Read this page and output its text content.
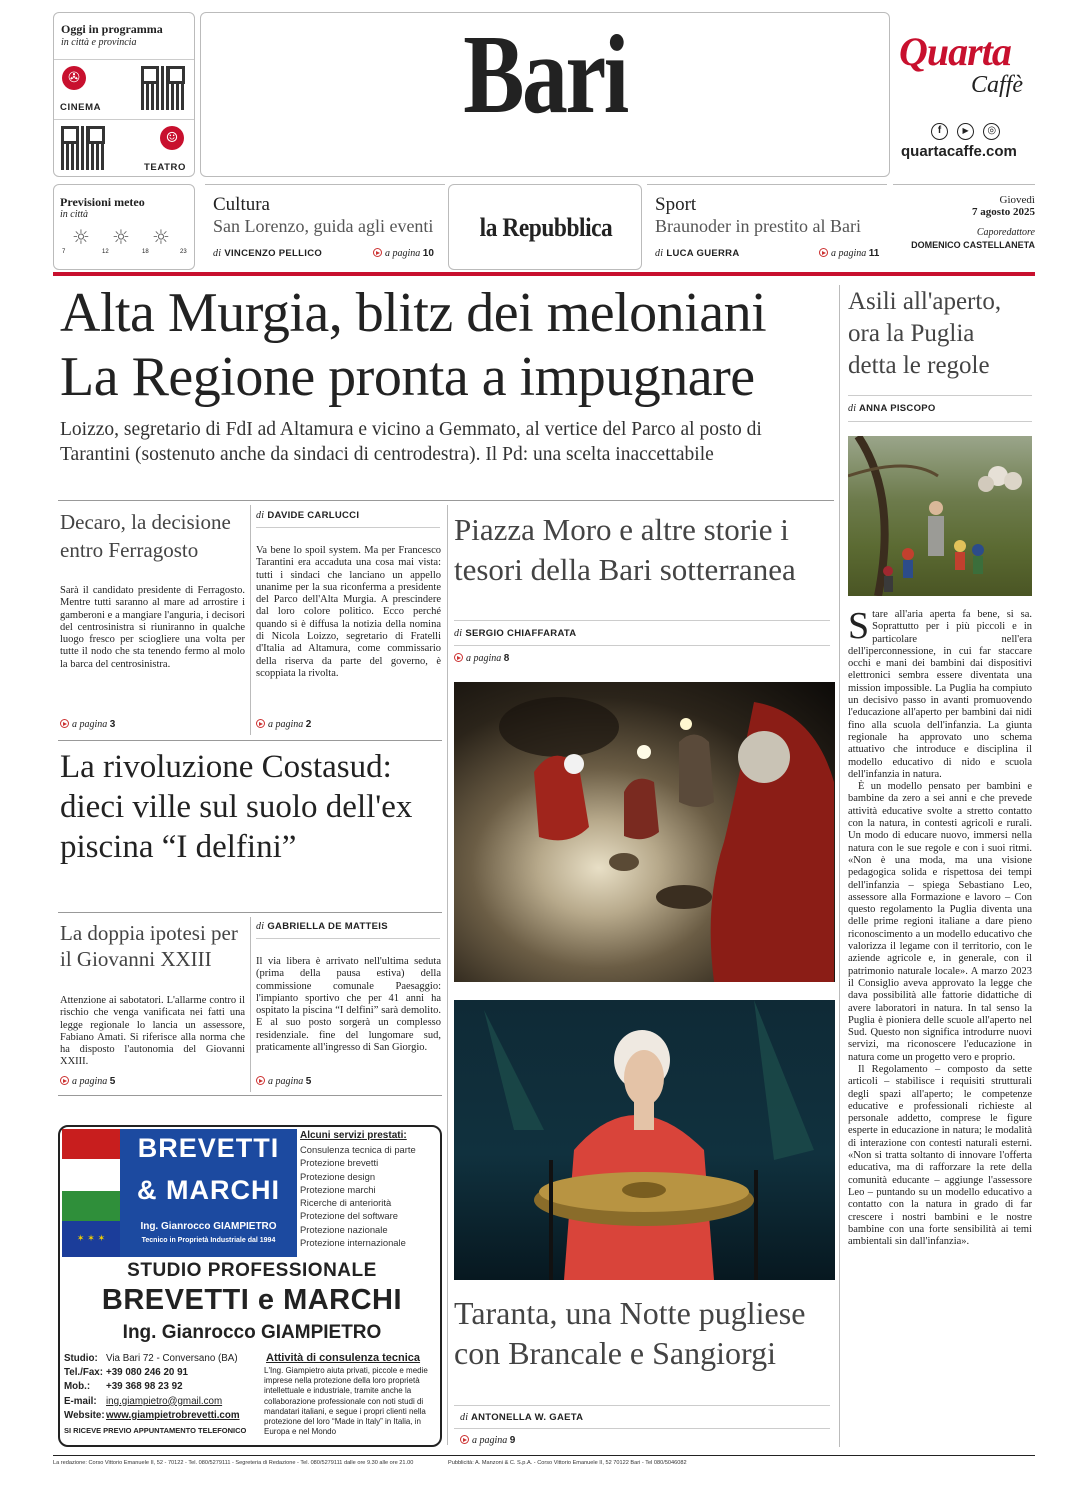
Oggi in programma
in città e provincia
✇
CINEMA
☺
TEATRO
Bari	Quarta
Caffè
f	▶ ◎
quartacaffe.com
Previsioni meteo
in città
☼ ☼ ☼
7	12	18	23
Cultura
San Lorenzo, guida agli eventi
di VINCENZO PELLICO	a pagina 10
la Repubblica
Sport
Braunoder in prestito al Bari
di LUCA GUERRA	a pagina 11
Giovedì
7 agosto 2025
Caporedattore
DOMENICO CASTELLANETA
Alta Murgia, blitz dei meloniani
La Regione pronta a impugnare
Loizzo, segretario di FdI ad Altamura e vicino a Gemmato, al vertice del Parco al posto di Tarantini (sostenuto anche da sindaci di centrodestra). Il Pd: una scelta inaccettabile
Decaro, la decisione entro Ferragosto
Sarà il candidato presidente di Ferragosto. Mentre tutti saranno al mare ad arrostire i gamberoni e a mangiare l'anguria, i decisori del centrosinistra si riuniranno in qualche luogo fresco per sciogliere una volta per tutte il nodo che sta tenendo fermo al molo la barca del centrosinistra.
a pagina 3
di DAVIDE CARLUCCI
Va bene lo spoil system. Ma per Francesco Tarantini era accaduta una cosa mai vista: tutti i sindaci che lanciano un appello unanime per la sua riconferma a presidente del Parco dell'Alta Murgia. A prescindere dal loro colore politico. Ecco perché quando si è diffusa la notizia della nomina di Nicola Loizzo, segretario di Fratelli d'Italia ad Altamura, come commissario della riserva da parte del governo, è scoppiata la rivolta.
a pagina 2
La rivoluzione Costasud: dieci ville sul suolo dell'ex piscina “I delfini”
La doppia ipotesi per il Giovanni XXIII
Attenzione ai sabotatori. L'allarme contro il rischio che venga vanificata nei fatti una legge regionale lo lancia un assessore, Fabiano Amati. Si riferisce alla norma che ha disposto l'autonomia del Giovanni XXIII.
a pagina 5
di GABRIELLA DE MATTEIS
Il via libera è arrivato nell'ultima seduta (prima della pausa estiva) della commissione comunale Paesaggio: l'impianto sportivo che per 41 anni ha ospitato la piscina “I delfini” sarà demolito. E al suo posto sorgerà un complesso residenziale. fine del lungomare sud, praticamente all'ingresso di San Giorgio.
a pagina 5
Piazza Moro e altre storie i tesori della Bari sotterranea
di SERGIO CHIAFFARATA
a pagina 8
Taranta, una Notte pugliese con Brancale e Sangiorgi
di ANTONELLA W. GAETA
a pagina 9
Asili all'aperto, ora la Puglia detta le regole
di ANNA PISCOPO
Stare all'aria aperta fa bene, si sa. Soprattutto per i più piccoli e in particolare nell'era dell'iperconnessione, in cui far staccare occhi e mani dei bambini dai dispositivi elettronici sembra essere diventata una mission impossible. La Puglia ha compiuto un decisivo passo in avanti promuovendo l'educazione all'aperto per bambini dai nidi fino alla scuola dell'infanzia. La giunta regionale ha approvato uno schema attuativo che introduce e disciplina il modello educativo di nido e scuola dell'infanzia in natura.
È un modello pensato per bambini e bambine da zero a sei anni e che prevede attività educative svolte a stretto contatto con la natura, in contesti agricoli e rurali. Un modo di educare nuovo, immersi nella natura con le sue regole e con i suoi ritmi. «Non è una moda, ma una visione pedagogica solida e rispettosa dei tempi dell'infanzia – spiega Sebastiano Leo, assessore alla Formazione e lavoro – Con questo regolamento la Puglia diventa una delle prime regioni italiane a dare pieno riconoscimento a un modello educativo che valorizza il legame con il territorio, con le aziende agricole e, in generale, con il patrimonio naturale locale». A marzo 2023 il Consiglio aveva approvato la legge che dava possibilità alle fattorie didattiche di avere laboratori in natura. In tal senso la Puglia è pioniera delle scuole all'aperto nel Sud. Questo non significa introdurre nuovi servizi, ma riconoscere l'educazione in natura come un progetto vero e proprio.
Il Regolamento – composto da sette articoli – stabilisce i requisiti strutturali degli spazi all'aperto; le competenze educative e professionali richieste al personale addetto, comprese le figure esperte in educazione in natura; le modalità di interazione con contesti naturali esterni. «Non si tratta soltanto di innovare l'offerta educativa, ma di rafforzare la rete della comunità educante – aggiunge l'assessore Leo – puntando su un modello educativo a contatto con la natura in grado di far crescere i nostri bambini e le nostre bambine con una forte sensibilità ai temi ambientali sin dall'infanzia».
✶ ✶ ✶
BREVETTI
& MARCHI
Ing. Gianrocco GIAMPIETRO
Tecnico in Proprietà Industriale dal 1994
Alcuni servizi prestati:
Consulenza tecnica di parte
Protezione brevetti
Protezione design
Protezione marchi
Ricerche di anteriorità
Protezione del software
Protezione nazionale
Protezione internazionale
STUDIO PROFESSIONALE
BREVETTI e MARCHI
Ing. Gianrocco GIAMPIETRO
Studio: Via Bari 72 - Conversano (BA)
Tel./Fax: +39 080 246 20 91
Mob.: +39 368 98 23 92
E-mail: ing.giampietro@gmail.com
Website:www.giampietrobrevetti.com
SI RICEVE PREVIO APPUNTAMENTO TELEFONICO
Attività di consulenza tecnica
L'Ing. Giampietro aiuta privati, piccole e medie imprese nella protezione della loro proprietà intellettuale e industriale, tramite anche la collaborazione professionale con noti studi di mandatari italiani, e segue i propri clienti nella protezione del loro “Made in Italy” in Italia, in Europa e nel Mondo
La redazione: Corso Vittorio Emanuele II, 52 - 70122 - Tel. 080/5279111 - Segreteria di Redazione - Tel. 080/5279111 dalle ore 9.30 alle ore 21.00	Pubblicità: A. Manzoni & C. S.p.A. - Corso Vittorio Emanuele II, 52 70122 Bari - Tel 080/5046082
